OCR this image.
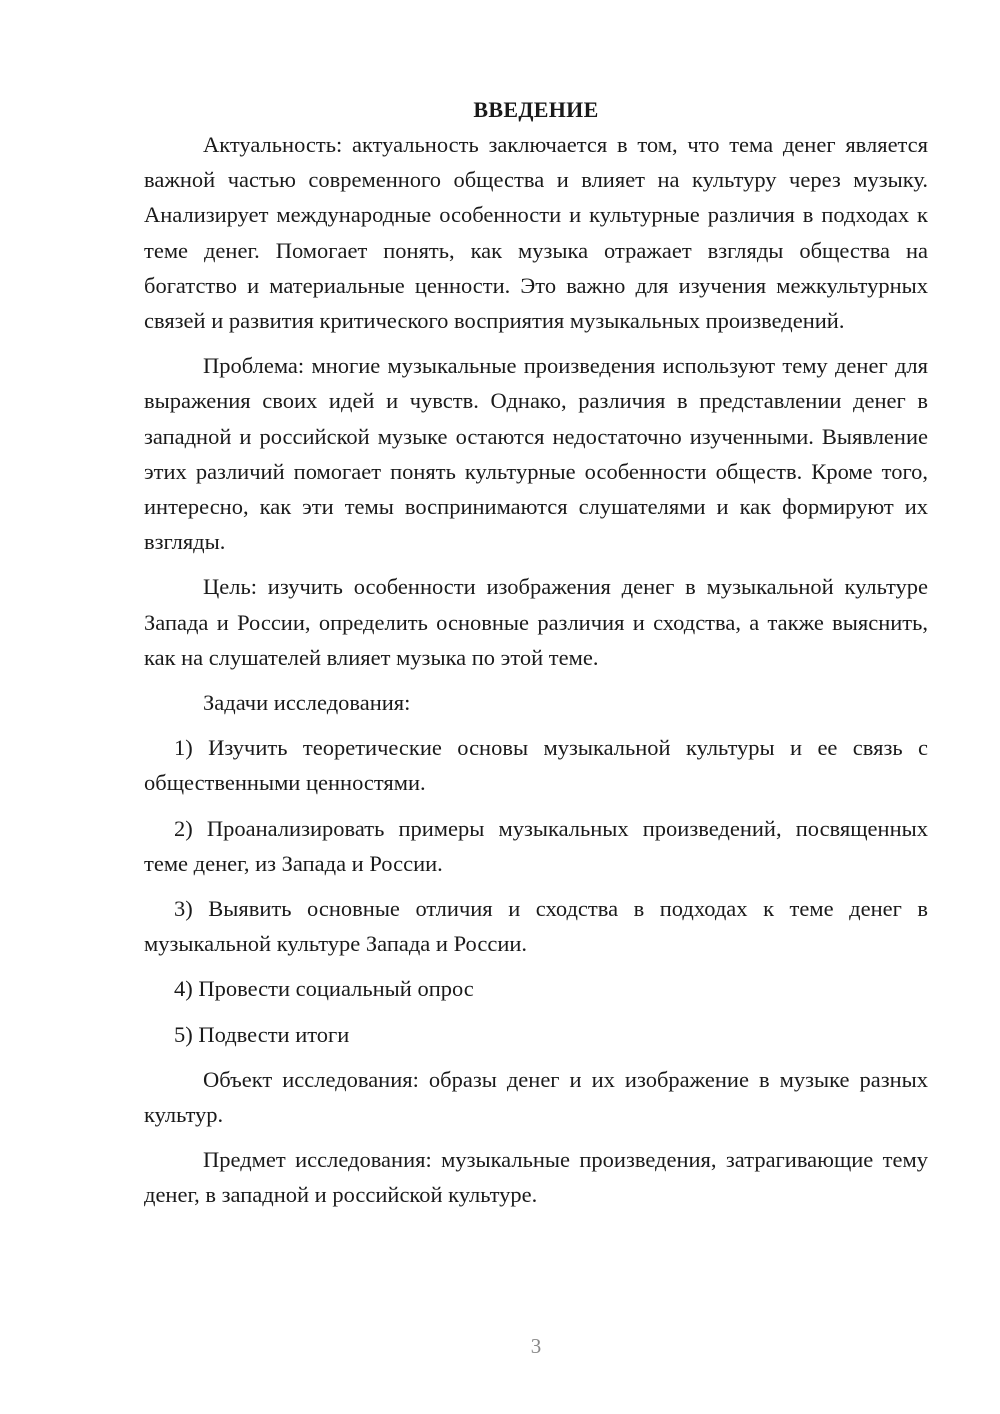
ВВЕДЕНИЕ

Актуальность: актуальность заключается в том, что тема денег является важной частью современного общества и влияет на культуру через музыку. Анализирует международные особенности и культурные различия в подходах к теме денег. Помогает понять, как музыка отражает взгляды общества на богатство и материальные ценности. Это важно для изучения межкультурных связей и развития критического восприятия музыкальных произведений.

Проблема: многие музыкальные произведения используют тему денег для выражения своих идей и чувств. Однако, различия в представлении денег в западной и российской музыке остаются недостаточно изученными. Выявление этих различий помогает понять культурные особенности обществ. Кроме того, интересно, как эти темы воспринимаются слушателями и как формируют их взгляды.

Цель: изучить особенности изображения денег в музыкальной культуре Запада и России, определить основные различия и сходства, а также выяснить, как на слушателей влияет музыка по этой теме.

Задачи исследования:

1) Изучить теоретические основы музыкальной культуры и ее связь с общественными ценностями.

2) Проанализировать примеры музыкальных произведений, посвященных теме денег, из Запада и России.

3) Выявить основные отличия и сходства в подходах к теме денег в музыкальной культуре Запада и России.

4) Провести социальный опрос

5) Подвести итоги

Объект исследования: образы денег и их изображение в музыке разных культур.

Предмет исследования: музыкальные произведения, затрагивающие тему денег, в западной и российской культуре.

3
